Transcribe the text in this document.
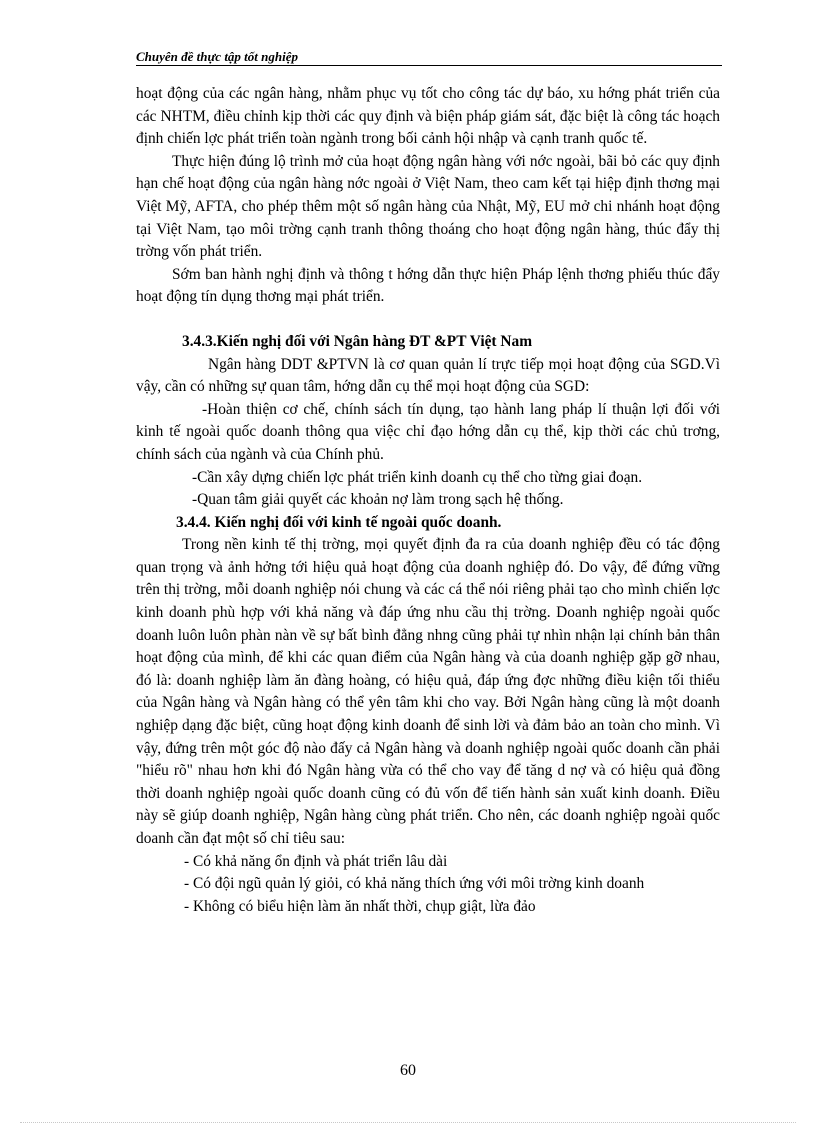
Chuyên đề thực tập tốt nghiệp

hoạt động của các ngân hàng, nhằm phục vụ tốt cho công tác dự báo, xu hớng phát triển của các NHTM, điều chỉnh kịp thời các quy định và biện pháp giám sát, đặc biệt là công tác hoạch định chiến lợc phát triển toàn ngành trong bối cảnh hội nhập và cạnh tranh quốc tế.

Thực hiện đúng lộ trình mở của hoạt động ngân hàng với nớc ngoài, bãi bỏ các quy định hạn chế hoạt động của ngân hàng nớc ngoài ở Việt Nam, theo cam kết tại hiệp định thơng mại Việt Mỹ, AFTA, cho phép thêm một số ngân hàng của Nhật, Mỹ, EU mở chi nhánh hoạt động tại Việt Nam, tạo môi trờng cạnh tranh thông thoáng cho hoạt động ngân hàng, thúc đẩy thị trờng vốn phát triển.

Sớm ban hành nghị định và thông t hớng dẫn thực hiện Pháp lệnh thơng phiếu thúc đẩy hoạt động tín dụng thơng mại phát triển.

3.4.3.Kiến nghị đối với Ngân hàng ĐT &PT Việt Nam

Ngân hàng DDT &PTVN là cơ quan quản lí trực tiếp mọi hoạt động của SGD.Vì vậy, cần có những sự quan tâm, hớng dẫn cụ thể mọi hoạt động của SGD:

-Hoàn thiện cơ chế, chính sách tín dụng, tạo hành lang pháp lí thuận lợi đối với kinh tế ngoài quốc doanh thông qua việc chỉ đạo hớng dẫn cụ thể, kịp thời các chủ trơng, chính sách của ngành và của Chính phủ.

-Cần xây dựng chiến lợc phát triển kinh doanh cụ thể cho từng giai đoạn.

-Quan tâm giải quyết các khoản nợ làm trong sạch hệ thống.

3.4.4. Kiến nghị đối với kinh tế ngoài quốc doanh.

Trong nền kinh tế thị trờng, mọi quyết định đa ra của doanh nghiệp đều có tác động quan trọng và ảnh hởng tới hiệu quả hoạt động của doanh nghiệp đó. Do vậy, để đứng vững trên thị trờng, mỗi doanh nghiệp nói chung và các cá thể nói riêng phải tạo cho mình chiến lợc kinh doanh phù hợp với khả năng và đáp ứng nhu cầu thị trờng. Doanh nghiệp ngoài quốc doanh luôn luôn phàn nàn về sự bất bình đẳng nhng cũng phải tự nhìn nhận lại chính bản thân hoạt động của mình, để khi các quan điểm của Ngân hàng và của doanh nghiệp gặp gỡ nhau, đó là: doanh nghiệp làm ăn đàng hoàng, có hiệu quả, đáp ứng đợc những điều kiện tối thiểu của Ngân hàng và Ngân hàng có thể yên tâm khi cho vay. Bởi Ngân hàng cũng là một doanh nghiệp dạng đặc biệt, cũng hoạt động kinh doanh để sinh lời và đảm bảo an toàn cho mình. Vì vậy, đứng trên một góc độ nào đấy cả Ngân hàng và doanh nghiệp ngoài quốc doanh cần phải "hiểu rõ" nhau hơn khi đó Ngân hàng vừa có thể cho vay để tăng d nợ và có hiệu quả đồng thời doanh nghiệp ngoài quốc doanh cũng có đủ vốn để tiến hành sản xuất kinh doanh. Điều này sẽ giúp doanh nghiệp, Ngân hàng cùng phát triển. Cho nên, các doanh nghiệp ngoài quốc doanh cần đạt một số chỉ tiêu sau:

- Có khả năng ổn định và phát triển lâu dài

- Có đội ngũ quản lý giỏi, có khả năng thích ứng với môi trờng kinh doanh

- Không có biểu hiện làm ăn nhất thời, chụp giật, lừa đảo

60
